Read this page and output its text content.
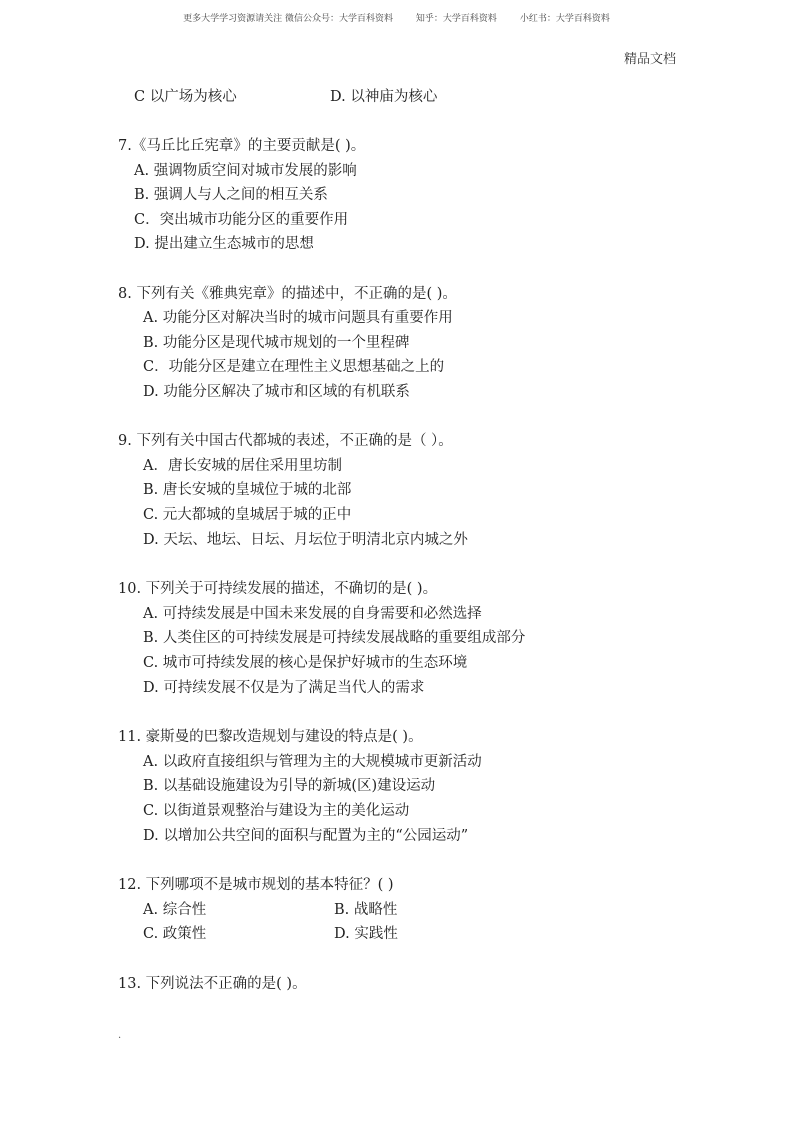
更多大学学习资源请关注 微信公众号：大学百科资料	知乎：大学百科资料	小红书：大学百科资料
精品文档
C 以广场为核心	D. 以神庙为核心
7.《马丘比丘宪章》的主要贡献是( )。
A. 强调物质空间对城市发展的影响
B. 强调人与人之间的相互关系
C．突出城市功能分区的重要作用
D. 提出建立生态城市的思想
8. 下列有关《雅典宪章》的描述中，不正确的是( )。
A. 功能分区对解决当时的城市问题具有重要作用
B. 功能分区是现代城市规划的一个里程碑
C．功能分区是建立在理性主义思想基础之上的
D. 功能分区解决了城市和区域的有机联系
9. 下列有关中国古代都城的表述，不正确的是（ ）。
A．唐长安城的居住采用里坊制
B. 唐长安城的皇城位于城的北部
C. 元大都城的皇城居于城的正中
D. 天坛、地坛、日坛、月坛位于明清北京内城之外
10. 下列关于可持续发展的描述，不确切的是( )。
A. 可持续发展是中国未来发展的自身需要和必然选择
B. 人类住区的可持续发展是可持续发展战略的重要组成部分
C. 城市可持续发展的核心是保护好城市的生态环境
D. 可持续发展不仅是为了满足当代人的需求
11. 豪斯曼的巴黎改造规划与建设的特点是( )。
A. 以政府直接组织与管理为主的大规模城市更新活动
B. 以基础设施建设为引导的新城(区)建设运动
C. 以街道景观整治与建设为主的美化运动
D. 以增加公共空间的面积与配置为主的“公园运动”
12. 下列哪项不是城市规划的基本特征？( )
A. 综合性	B. 战略性
C. 政策性	D. 实践性
13. 下列说法不正确的是( )。
.
